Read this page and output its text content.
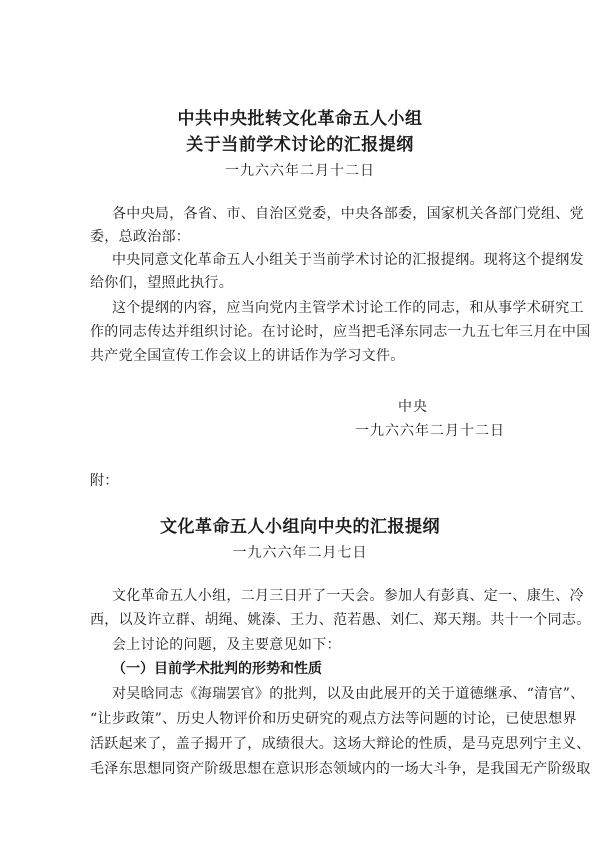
中共中央批转文化革命五人小组
关于当前学术讨论的汇报提纲
一九六六年二月十二日
各中央局，各省、市、自治区党委，中央各部委，国家机关各部门党组、党
委，总政治部：
中央同意文化革命五人小组关于当前学术讨论的汇报提纲。现将这个提纲发
给你们，望照此执行。
这个提纲的内容，应当向党内主管学术讨论工作的同志，和从事学术研究工
作的同志传达并组织讨论。在讨论时，应当把毛泽东同志一九五七年三月在中国
共产党全国宣传工作会议上的讲话作为学习文件。
中央
一九六六年二月十二日
附：
文化革命五人小组向中央的汇报提纲
一九六六年二月七日
文化革命五人小组，二月三日开了一天会。参加人有彭真、定一、康生、冷
西，以及许立群、胡绳、姚溱、王力、范若愚、刘仁、郑天翔。共十一个同志。
会上讨论的问题，及主要意见如下：
（一）目前学术批判的形势和性质
对吴晗同志《海瑞罢官》的批判，以及由此展开的关于道德继承、“清官”、
“让步政策”、历史人物评价和历史研究的观点方法等问题的讨论，已使思想界
活跃起来了，盖子揭开了，成绩很大。这场大辩论的性质，是马克思列宁主义、
毛泽东思想同资产阶级思想在意识形态领域内的一场大斗争，是我国无产阶级取
